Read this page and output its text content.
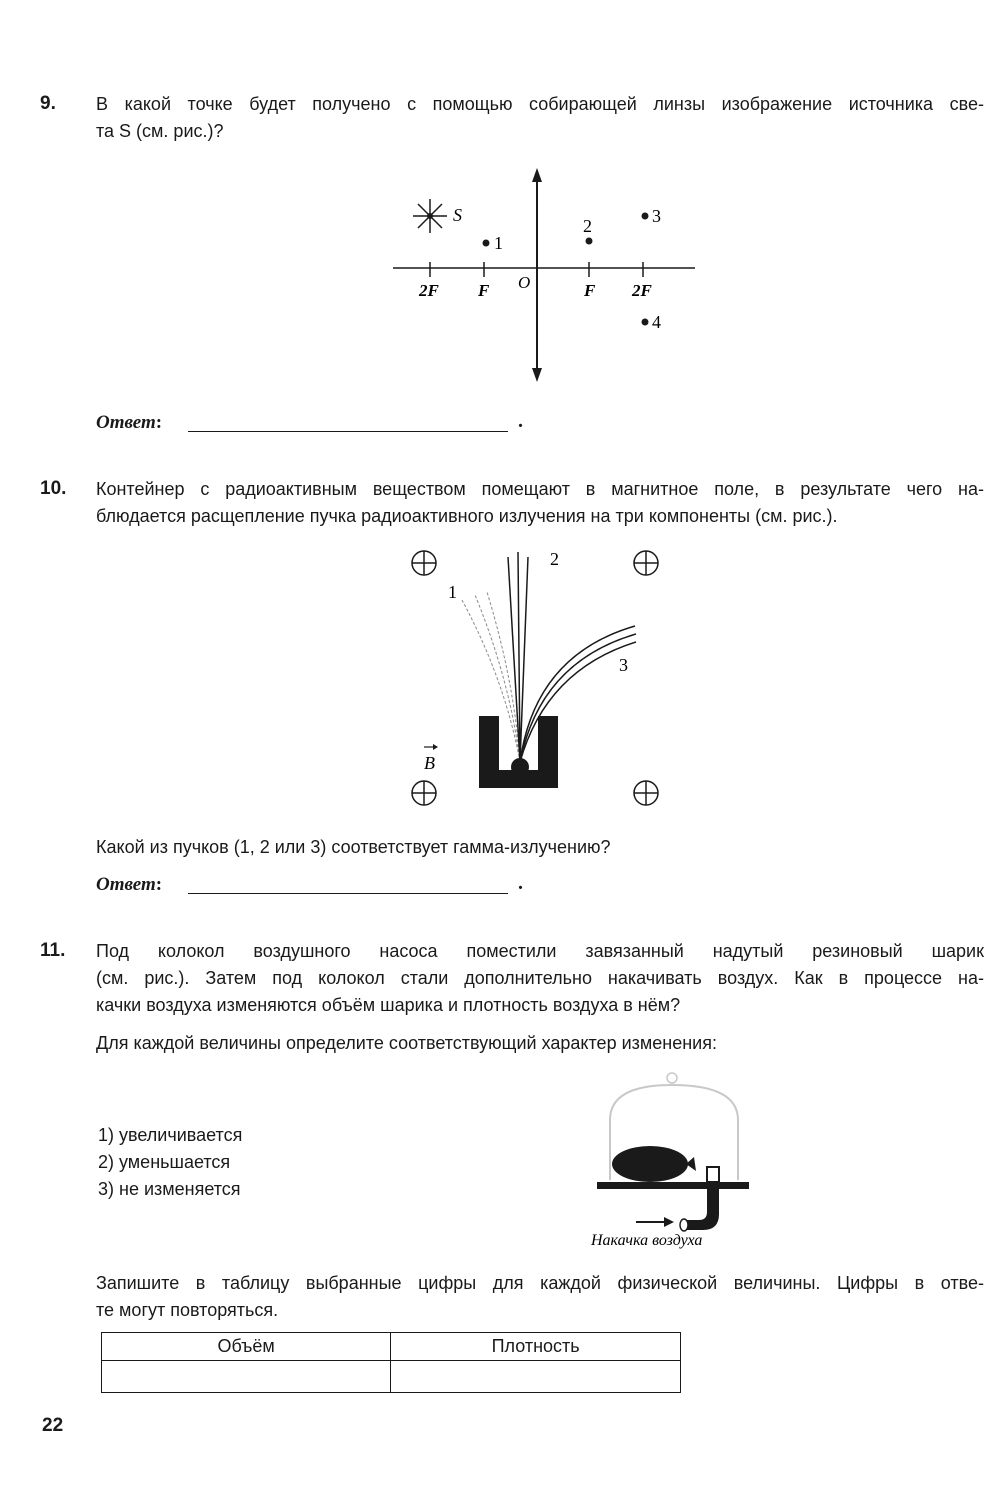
9. В какой точке будет получено с помощью собирающей линзы изображение источника све-
та S (см. рис.)?
2F F	F 2F
O
S
1
2	3
4
Ответ:	.
10. Контейнер с радиоактивным веществом помещают в магнитное поле, в результате чего на-
блюдается расщепление пучка радиоактивного излучения на три компоненты (см. рис.).
1
2
3
B
Какой из пучков (1, 2 или 3) соответствует гамма-излучению?
Ответ:	.
11. Под колокол воздушного насоса поместили завязанный надутый резиновый шарик
(см. рис.). Затем под колокол стали дополнительно накачивать воздух. Как в процессе на-
качки воздуха изменяются объём шарика и плотность воздуха в нём?
Для каждой величины определите соответствующий характер изменения:
1) увеличивается
2) уменьшается
3) не изменяется
Накачка воздуха
Запишите в таблицу выбранные цифры для каждой физической величины. Цифры в отве-
те могут повторяться.
Объём	Плотность

22
